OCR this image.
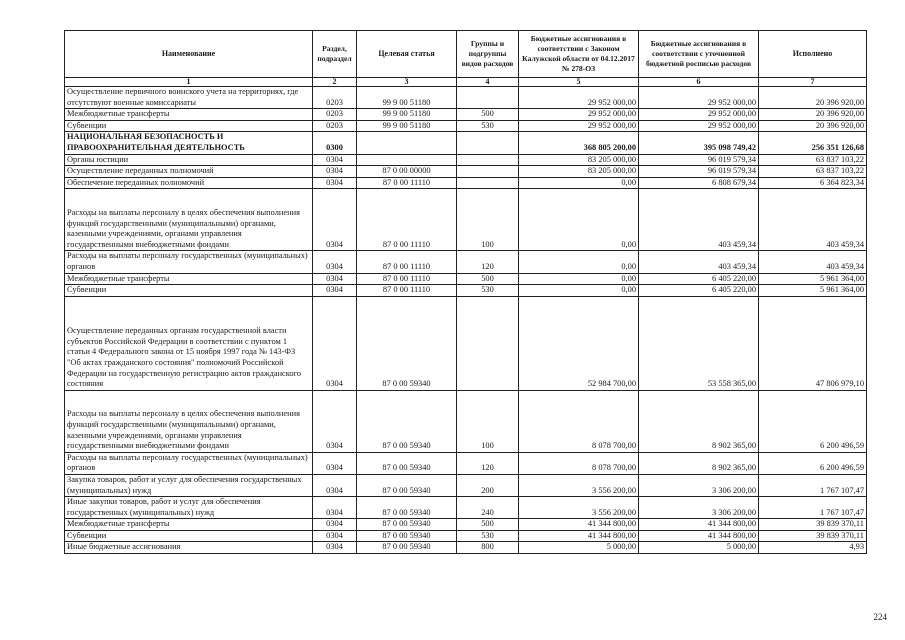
Наименование	Раздел, подраздел	Целевая статья	Группы и подгруппы видов расходов	Бюджетные ассигнования в соответствии с Законом Калужской области от 04.12.2017 № 278-ОЗ	Бюджетные ассигнования в соответствии с уточненной бюджетной росписью расходов	Исполнено
1	2	3	4	5	6	7
Осуществление первичного воинского учета на территориях, где отсутствуют военные комиссариаты	0203	99 9 00 51180		29 952 000,00	29 952 000,00	20 396 920,00
Межбюджетные трансферты	0203	99 9 00 51180	500	29 952 000,00	29 952 000,00	20 396 920,00
Субвенции	0203	99 9 00 51180	530	29 952 000,00	29 952 000,00	20 396 920,00
НАЦИОНАЛЬНАЯ БЕЗОПАСНОСТЬ И ПРАВООХРАНИТЕЛЬНАЯ ДЕЯТЕЛЬНОСТЬ	0300			368 805 200,00	395 098 749,42	256 351 126,68
Органы юстиции	0304			83 205 000,00	96 019 579,34	63 837 103,22
Осуществление переданных полномочий	0304	87 0 00 00000		83 205 000,00	96 019 579,34	63 837 103,22
Обеспечение переданных полномочий	0304	87 0 00 11110		0,00	6 808 679,34	6 364 823,34
Расходы на выплаты персоналу в целях обеспечения выполнения функций государственными (муниципальными) органами, казенными учреждениями, органами управления государственными внебюджетными фондами	0304	87 0 00 11110	100	0,00	403 459,34	403 459,34
Расходы на выплаты персоналу государственных (муниципальных) органов	0304	87 0 00 11110	120	0,00	403 459,34	403 459,34
Межбюджетные трансферты	0304	87 0 00 11110	500	0,00	6 405 220,00	5 961 364,00
Субвенции	0304	87 0 00 11110	530	0,00	6 405 220,00	5 961 364,00
Осуществление переданных органам государственной власти субъектов Российской Федерации в соответствии с пунктом 1 статьи 4 Федерального закона от 15 ноября 1997 года № 143-ФЗ "Об актах гражданского состояния" полномочий Российской Федерации на государственную регистрацию актов гражданского состояния	0304	87 0 00 59340		52 984 700,00	53 558 365,00	47 806 979,10
Расходы на выплаты персоналу в целях обеспечения выполнения функций государственными (муниципальными) органами, казенными учреждениями, органами управления государственными внебюджетными фондами	0304	87 0 00 59340	100	8 078 700,00	8 902 365,00	6 200 496,59
Расходы на выплаты персоналу государственных (муниципальных) органов	0304	87 0 00 59340	120	8 078 700,00	8 902 365,00	6 200 496,59
Закупка товаров, работ и услуг для обеспечения государственных (муниципальных) нужд	0304	87 0 00 59340	200	3 556 200,00	3 306 200,00	1 767 107,47
Иные закупки товаров, работ и услуг для обеспечения государственных (муниципальных) нужд	0304	87 0 00 59340	240	3 556 200,00	3 306 200,00	1 767 107,47
Межбюджетные трансферты	0304	87 0 00 59340	500	41 344 800,00	41 344 800,00	39 839 370,11
Субвенции	0304	87 0 00 59340	530	41 344 800,00	41 344 800,00	39 839 370,11
Иные бюджетные ассигнования	0304	87 0 00 59340	800	5 000,00	5 000,00	4,93
224
